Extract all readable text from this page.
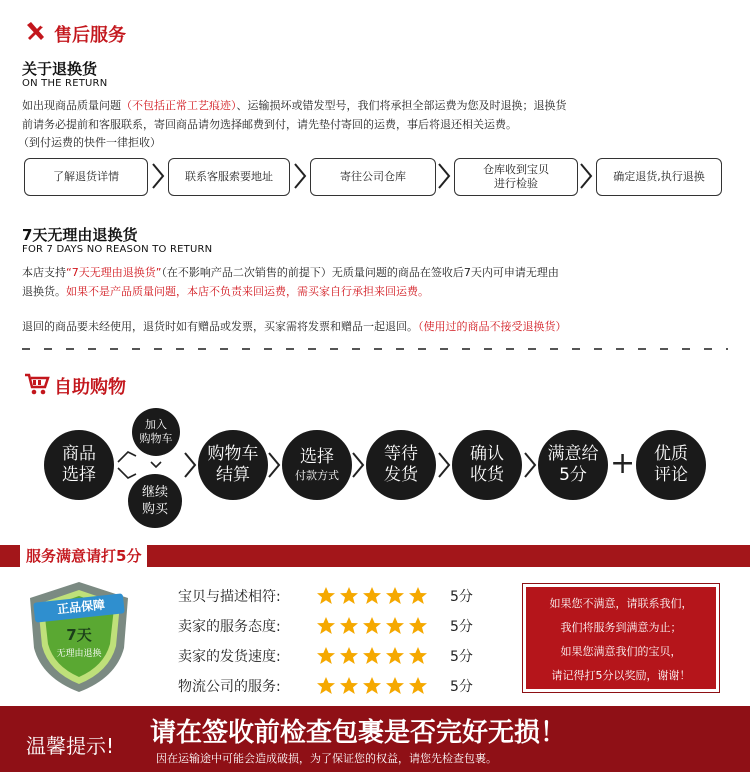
售后服务
关于退换货
ON THE RETURN
如出现商品质量问题（不包括正常工艺痕迹）、运输损坏或错发型号，我们将承担全部运费为您及时退换；退换货
前请务必提前和客服联系，寄回商品请勿选择邮费到付，请先垫付寄回的运费，事后将退还相关运费。
（到付运费的快件一律拒收）
了解退货详情	联系客服索要地址	寄往公司仓库
仓库收到宝贝
进行检验
确定退货,执行退换
7天无理由退换货
FOR 7 DAYS NO REASON TO RETURN
本店支持“7天无理由退换货”（在不影响产品二次销售的前提下）无质量问题的商品在签收后7天内可申请无理由
退换货。如果不是产品质量问题，本店不负责来回运费，需买家自行承担来回运费。
退回的商品要未经使用，退货时如有赠品或发票，买家需将发票和赠品一起退回。（使用过的商品不接受退换货）
自助购物
商品
选择
加入
购物车
继续
购买
购物车
结算
选择
付款方式
等待
发货
确认
收货
满意给
5分 +	优质
评论
服务满意请打5分
正品保障
7天
无理由退换
宝贝与描述相符:	5分
卖家的服务态度:	5分
卖家的发货速度:	5分
物流公司的服务:	5分
如果您不满意，请联系我们，
我们将服务到满意为止；
如果您满意我们的宝贝，
请记得打5分以奖励，谢谢！
温馨提示! 请在签收前检查包裹是否完好无损！
因在运输途中可能会造成破损，为了保证您的权益，请您先检查包裹。
